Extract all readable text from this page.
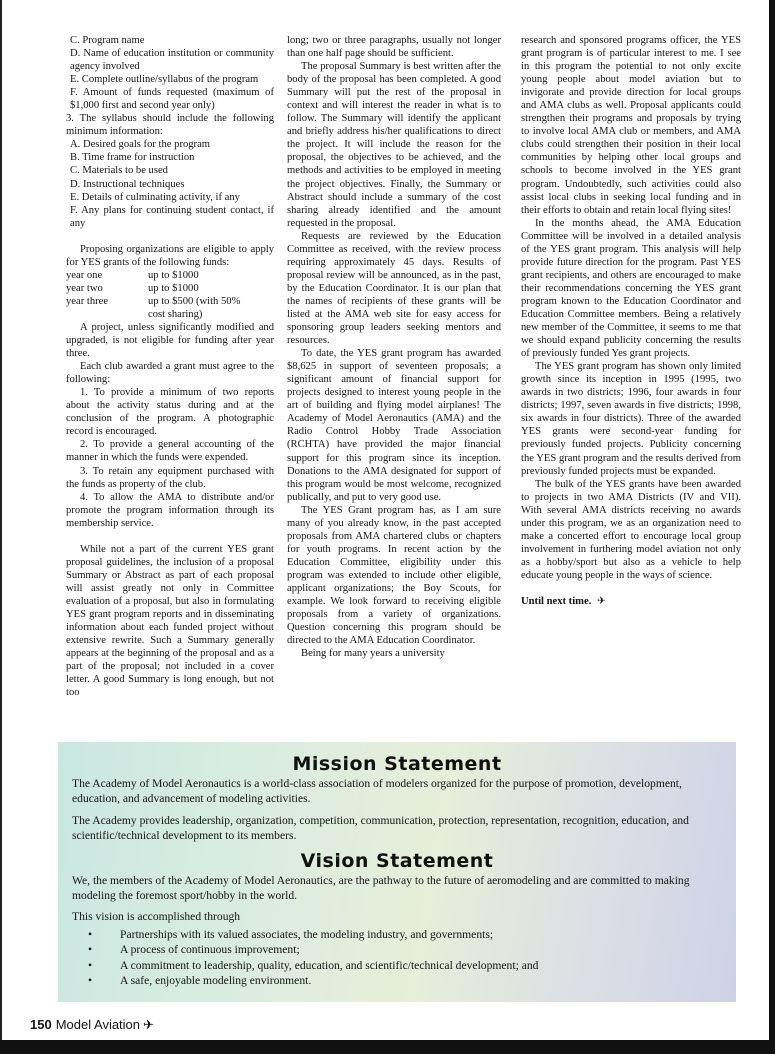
C. Program name

D. Name of education institution or community agency involved

E. Complete outline/syllabus of the program

F. Amount of funds requested (maximum of $1,000 first and second year only)

3. The syllabus should include the following minimum information:

A. Desired goals for the program

B. Time frame for instruction

C. Materials to be used

D. Instructional techniques

E. Details of culminating activity, if any

F. Any plans for continuing student contact, if any

Proposing organizations are eligible to apply for YES grants of the following funds:

year one	up to $1000
year two	up to $1000
year three	up to $500 (with 50%
cost sharing)

A project, unless significantly modified and upgraded, is not eligible for funding after year three.

Each club awarded a grant must agree to the following:

1. To provide a minimum of two reports about the activity status during and at the conclusion of the program. A photographic record is encouraged.

2. To provide a general accounting of the manner in which the funds were expended.

3. To retain any equipment purchased with the funds as property of the club.

4. To allow the AMA to distribute and/or promote the program information through its membership service.

While not a part of the current YES grant proposal guidelines, the inclusion of a proposal Summary or Abstract as part of each proposal will assist greatly not only in Committee evaluation of a proposal, but also in formulating YES grant program reports and in disseminating information about each funded project without extensive rewrite. Such a Summary generally appears at the beginning of the proposal and as a part of the proposal; not included in a cover letter. A good Summary is long enough, but not too

long; two or three paragraphs, usually not longer than one half page should be sufficient.

The proposal Summary is best written after the body of the proposal has been completed. A good Summary will put the rest of the proposal in context and will interest the reader in what is to follow. The Summary will identify the applicant and briefly address his/her qualifications to direct the project. It will include the reason for the proposal, the objectives to be achieved, and the methods and activities to be employed in meeting the project objectives. Finally, the Summary or Abstract should include a summary of the cost sharing already identified and the amount requested in the proposal.

Requests are reviewed by the Education Committee as received, with the review process requiring approximately 45 days. Results of proposal review will be announced, as in the past, by the Education Coordinator. It is our plan that the names of recipients of these grants will be listed at the AMA web site for easy access for sponsoring group leaders seeking mentors and resources.

To date, the YES grant program has awarded $8,625 in support of seventeen proposals; a significant amount of financial support for projects designed to interest young people in the art of building and flying model airplanes! The Academy of Model Aeronautics (AMA) and the Radio Control Hobby Trade Association (RCHTA) have provided the major financial support for this program since its inception. Donations to the AMA designated for support of this program would be most welcome, recognized publically, and put to very good use.

The YES Grant program has, as I am sure many of you already know, in the past accepted proposals from AMA chartered clubs or chapters for youth programs. In recent action by the Education Committee, eligibility under this program was extended to include other eligible, applicant organizations; the Boy Scouts, for example. We look forward to receiving eligible proposals from a variety of organizations. Question concerning this program should be directed to the AMA Education Coordinator.

Being for many years a university

research and sponsored programs officer, the YES grant program is of particular interest to me. I see in this program the potential to not only excite young people about model aviation but to invigorate and provide direction for local groups and AMA clubs as well. Proposal applicants could strengthen their programs and proposals by trying to involve local AMA club or members, and AMA clubs could strengthen their position in their local communities by helping other local groups and schools to become involved in the YES grant program. Undoubtedly, such activities could also assist local clubs in seeking local funding and in their efforts to obtain and retain local flying sites!

In the months ahead, the AMA Education Committee will be involved in a detailed analysis of the YES grant program. This analysis will help provide future direction for the program. Past YES grant recipients, and others are encouraged to make their recommendations concerning the YES grant program known to the Education Coordinator and Education Committee members. Being a relatively new member of the Committee, it seems to me that we should expand publicity concerning the results of previously funded Yes grant projects.

The YES grant program has shown only limited growth since its inception in 1995 (1995, two awards in two districts; 1996, four awards in four districts; 1997, seven awards in five districts; 1998, six awards in four districts). Three of the awarded YES grants were second-year funding for previously funded projects. Publicity concerning the YES grant program and the results derived from previously funded projects must be expanded.

The bulk of the YES grants have been awarded to projects in two AMA Districts (IV and VII). With several AMA districts receiving no awards under this program, we as an organization need to make a concerted effort to encourage local group involvement in furthering model aviation not only as a hobby/sport but also as a vehicle to help educate young people in the ways of science.

Until next time. ✈

Mission Statement

The Academy of Model Aeronautics is a world-class association of modelers organized for the purpose of promotion, development, education, and advancement of modeling activities.

The Academy provides leadership, organization, competition, communication, protection, representation, recognition, education, and scientific/technical development to its members.

Vision Statement

We, the members of the Academy of Model Aeronautics, are the pathway to the future of aeromodeling and are committed to making modeling the foremost sport/hobby in the world.

This vision is accomplished through

• Partnerships with its valued associates, the modeling industry, and governments;
• A process of continuous improvement;
• A commitment to leadership, quality, education, and scientific/technical development; and
• A safe, enjoyable modeling environment.
150 Model Aviation ✈
